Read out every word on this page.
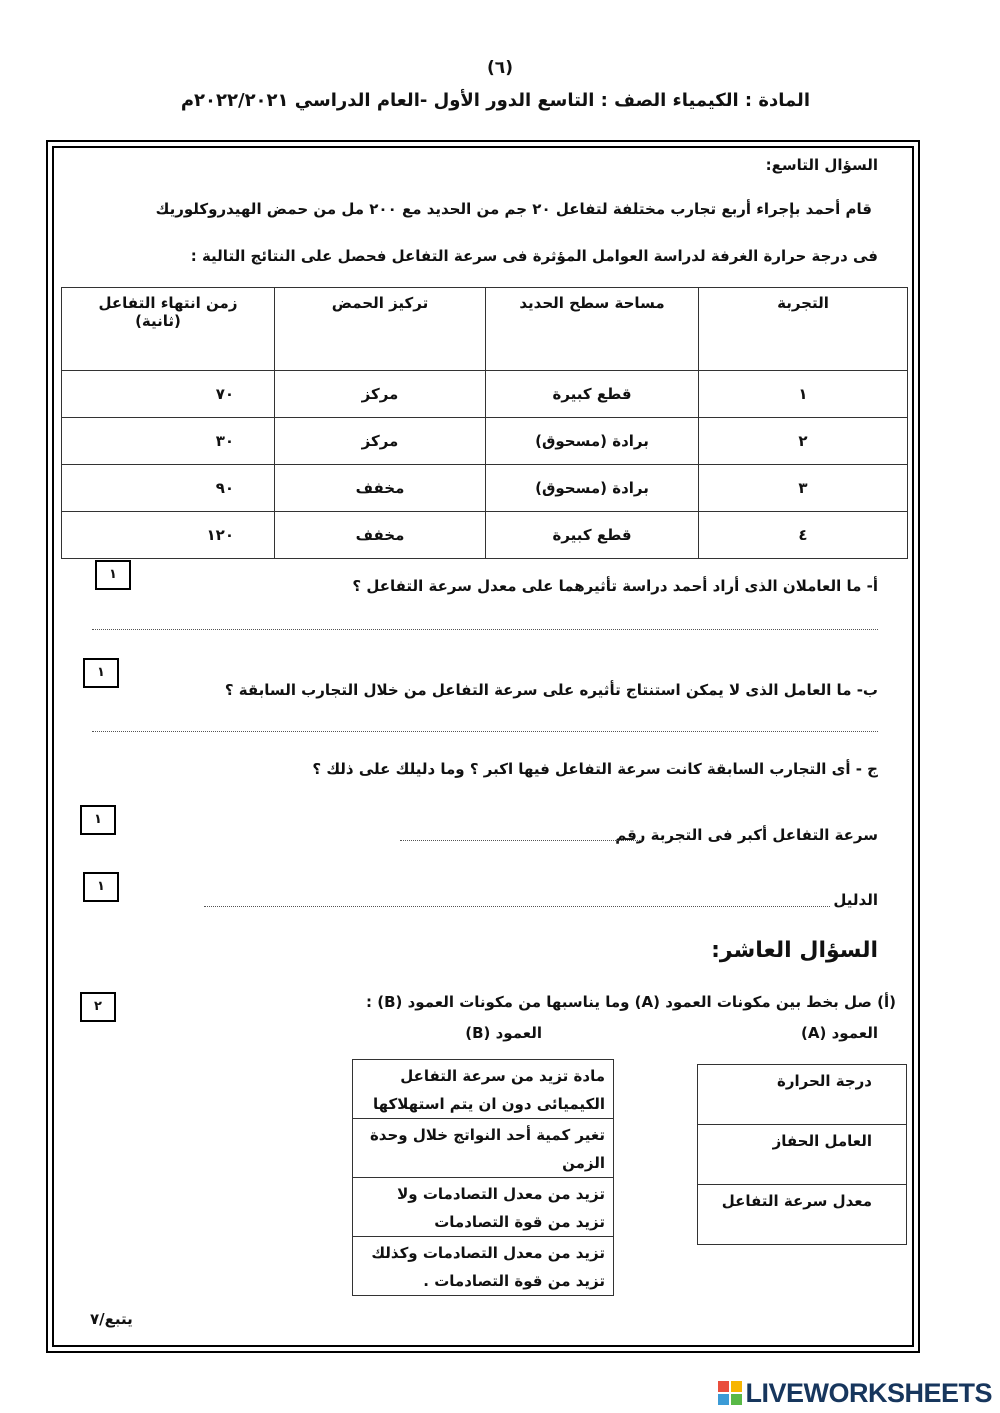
(٦)
المادة : الكيمياء الصف : التاسع الدور الأول -العام الدراسي ٢٠٢٢/٢٠٢١م
السؤال التاسع:
قام أحمد بإجراء أربع تجارب مختلفة لتفاعل ٢٠ جم من الحديد مع ٢٠٠ مل من حمض الهيدروكلوريك
فى درجة حرارة الغرفة لدراسة العوامل المؤثرة فى سرعة التفاعل فحصل على النتائج التالية :
زمن انتهاء التفاعل
(ثانية)	تركيز الحمض	مساحة سطح الحديد	التجربة
٧٠	مركز	قطع كبيرة	١
٣٠	مركز	برادة (مسحوق)	٢
٩٠	مخفف	برادة (مسحوق)	٣
١٢٠	مخفف	قطع كبيرة	٤
١
أ- ما العاملان الذى أراد أحمد دراسة تأثيرهما على معدل سرعة التفاعل ؟
١
ب- ما العامل الذى لا يمكن استنتاج تأثيره على سرعة التفاعل من خلال التجارب السابقة ؟
ج - أى التجارب السابقة كانت سرعة التفاعل فيها اكبر ؟ وما دليلك على ذلك ؟
١
سرعة التفاعل أكبر فى التجربة رقم
١
الدليل
السؤال العاشر:
٢	(أ) صل بخط بين مكونات العمود (A) وما يناسبها من مكونات العمود (B) :
العمود (A)
العمود (B)
مادة تزيد من سرعة التفاعل
الكيميائى دون ان يتم استهلاكها
تغير كمية أحد النواتج خلال وحدة
الزمن
تزيد من معدل التصادمات ولا
تزيد من قوة التصادمات
تزيد من معدل التصادمات وكذلك
تزيد من قوة التصادمات .
درجة الحرارة
العامل الحفاز
معدل سرعة التفاعل
يتبع/٧
LIVEWORKSHEETS
